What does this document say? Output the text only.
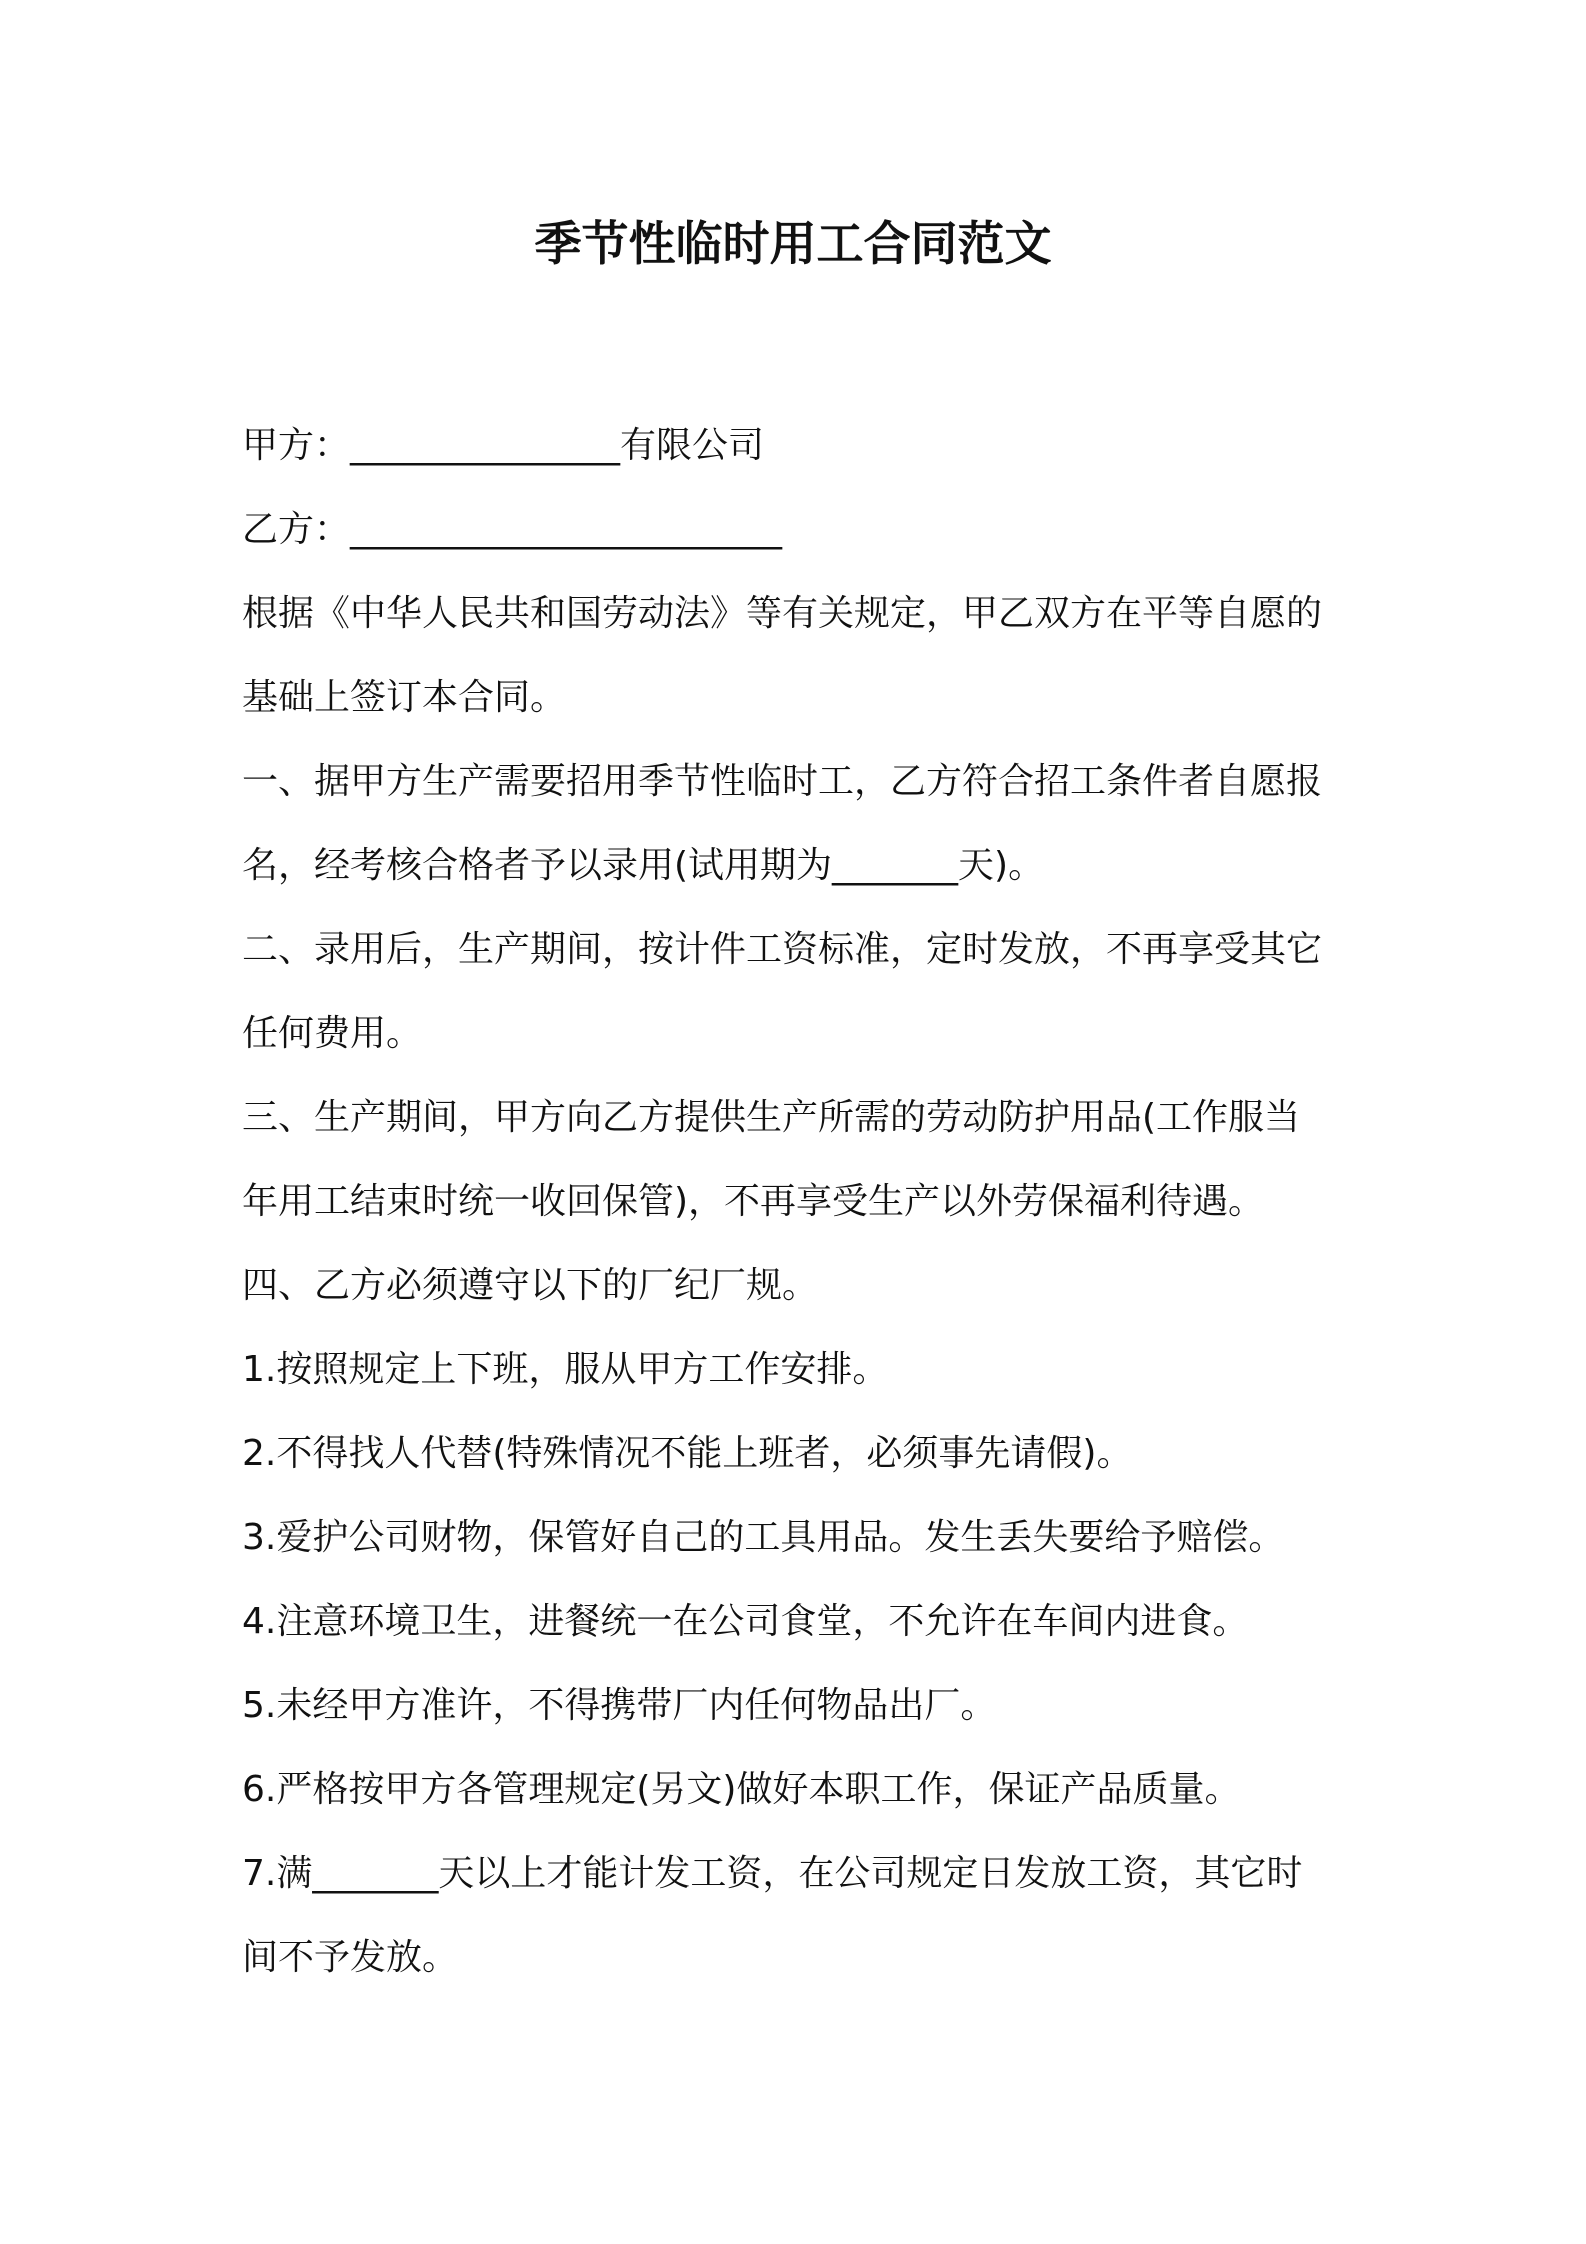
季节性临时用工合同范文

甲方：_______________有限公司

乙方：________________________

根据《中华人民共和国劳动法》等有关规定，甲乙双方在平等自愿的

基础上签订本合同。

一、据甲方生产需要招用季节性临时工，乙方符合招工条件者自愿报

名，经考核合格者予以录用(试用期为_______天)。

二、录用后，生产期间，按计件工资标准，定时发放，不再享受其它

任何费用。

三、生产期间，甲方向乙方提供生产所需的劳动防护用品(工作服当

年用工结束时统一收回保管)，不再享受生产以外劳保福利待遇。

四、乙方必须遵守以下的厂纪厂规。

1.按照规定上下班，服从甲方工作安排。

2.不得找人代替(特殊情况不能上班者，必须事先请假)。

3.爱护公司财物，保管好自己的工具用品。发生丢失要给予赔偿。

4.注意环境卫生，进餐统一在公司食堂，不允许在车间内进食。

5.未经甲方准许，不得携带厂内任何物品出厂。

6.严格按甲方各管理规定(另文)做好本职工作，保证产品质量。

7.满_______天以上才能计发工资，在公司规定日发放工资，其它时

间不予发放。
